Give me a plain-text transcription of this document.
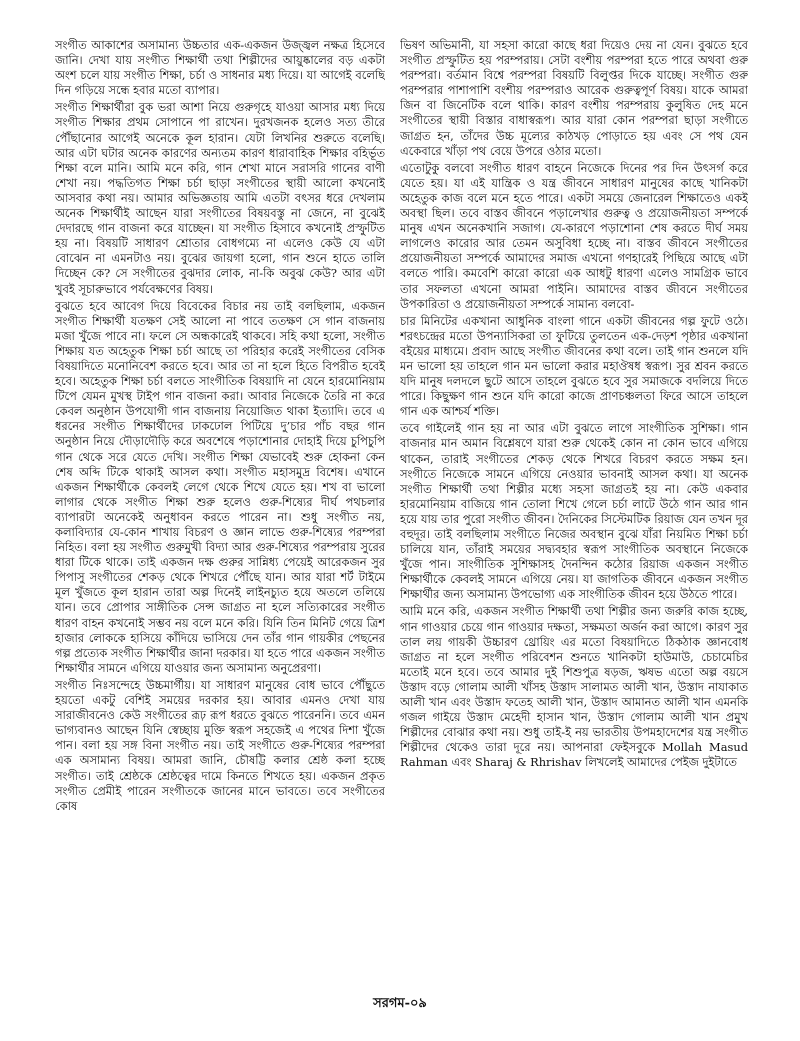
সংগীত আকাশের অসামান্য উচ্চতার এক-একজন উজ্জ্বল নক্ষত্র হিসেবে জানি। দেখা যায় সংগীত শিক্ষার্থী তথা শিল্পীদের আয়ুষ্কালের বড় একটা অংশ চলে যায় সংগীত শিক্ষা, চর্চা ও সাধনার মধ্য দিয়ে। যা আগেই বলেছি দিন গড়িয়ে সন্ধে হবার মতো ব্যাপার।

সংগীত শিক্ষার্থীরা বুক ভরা আশা নিয়ে গুরুগৃহে যাওয়া আসার মধ্য দিয়ে সংগীত শিক্ষার প্রথম সোপানে পা রাখেন। দুরখজনক হলেও সত্য তীরে পৌঁছানোর আগেই অনেকে কূল হারান। যেটা লিখনির শুরুতে বলেছি। আর এটা ঘটার অনেক কারণের অন্যতম কারণ ধারাবাহিক শিক্ষার বহির্ভূত শিক্ষা বলে মানি। আমি মনে করি, গান শেখা মানে সরাসরি গানের বাণী শেখা নয়। পদ্ধতিগত শিক্ষা চর্চা ছাড়া সংগীতের স্থায়ী আলো কখনোই আসবার কথা নয়। আমার অভিজ্ঞতায় আমি এতটা বৎসর ধরে দেখলাম অনেক শিক্ষার্থীই আছেন যারা সংগীতের বিষয়বস্তু না জেনে, না বুঝেই দেদারছে গান বাজনা করে যাচ্ছেন। যা সংগীত হিসাবে কখনোই প্রস্ফুটিত হয় না। বিষয়টি সাধারণ শ্রোতার বোধগম্যে না এলেও কেউ যে এটা বোঝেন না এমনটাও নয়। বুঝের জায়গা হলো, গান শুনে হাতে তালি দিচ্ছেন কে? সে সংগীতের বুঝদার লোক, না-কি অবুঝ কেউ? আর এটা খুবই সূচারুভাবে পর্যবেক্ষণের বিষয়।

বুঝতে হবে আবেগ দিয়ে বিবেকের বিচার নয় তাই বলছিলাম, একজন সংগীত শিক্ষার্থী যতক্ষণ সেই আলো না পাবে ততক্ষণ সে গান বাজনায় মজা খুঁজে পাবে না। ফলে সে অন্ধকারেই থাকবে। সহি কথা হলো, সংগীত শিক্ষায় যত অহেতুক শিক্ষা চর্চা আছে তা পরিহার করেই সংগীতের বেসিক বিষয়াদিতে মনোনিবেশ করতে হবে। আর তা না হলে হিতে বিপরীত হবেই হবে। অহেতুক শিক্ষা চর্চা বলতে সাংগীতিক বিষয়াদি না যেনে হারমোনিয়াম টিপে যেমন মুখস্থ টাইপ গান বাজনা করা। আবার নিজেকে তৈরি না করে কেবল অনুষ্ঠান উপযোগী গান বাজনায় নিয়োজিত থাকা ইত্যাদি। তবে এ ধরনের সংগীত শিক্ষার্থীদের ঢাকঢোল পিটিয়ে দু’চার পাঁচ বছর গান অনুষ্ঠান নিয়ে দৌড়াদৌড়ি করে অবশেষে পড়াশোনার দোহাই দিয়ে চুপিচুপি গান থেকে সরে যেতে দেখি। সংগীত শিক্ষা যেভাবেই শুরু হোকনা কেন শেষ অব্দি টিকে থাকাই আসল কথা। সংগীত মহাসমুদ্র বিশেষ। এখানে একজন শিক্ষার্থীকে কেবলই লেগে থেকে শিখে যেতে হয়। শখ বা ভালো লাগার থেকে সংগীত শিক্ষা শুরু হলেও গুরু-শিষ্যের দীর্ঘ পথচলার ব্যাপারটা অনেকেই অনুধাবন করতে পারেন না। শুধু সংগীত নয়, কলাবিদ্যার যে-কোন শাখায় বিচরণ ও জ্ঞান লাভে গুরু-শিষ্যের পরম্পরা নিহিত। বলা হয় সংগীত গুরুমুখী বিদ্যা আর গুরু-শিষ্যের পরম্পরায় সুরের ধারা টিকে থাকে। তাই একজন দক্ষ গুরুর সান্নিধ্য পেয়েই আরেকজন সুর পিপাসু সংগীতের শেকড় থেকে শিখরে পৌঁছে যান। আর যারা শর্ট টাইমে মূল খুঁজতে কূল হারান তারা অল্প দিনেই লাইনচ্যুত হয়ে অতলে তলিয়ে যান। তবে প্রোপার সাঙ্গীতিক সেন্স জাগ্রত না হলে সত্যিকারের সংগীত ধারণ বাহন কখনোই সম্ভব নয় বলে মনে করি। যিনি তিন মিনিট গেয়ে ত্রিশ হাজার লোককে হাসিয়ে কাঁদিয়ে ভাসিয়ে দেন তাঁর গান গায়কীর পেছনের গল্প প্রত্যেক সংগীত শিক্ষার্থীর জানা দরকার। যা হতে পারে একজন সংগীত শিক্ষার্থীর সামনে এগিয়ে যাওয়ার জন্য অসামান্য অনুপ্রেরণা।

সংগীত নিঃসন্দেহে উচ্চমার্গীয়। যা সাধারণ মানুষের বোধ ভাবে পৌঁছুতে হয়তো একটু বেশিই সময়ের দরকার হয়। আবার এমনও দেখা যায় সারাজীবনেও কেউ সংগীতের রূঢ় রূপ ধরতে বুঝতে পারেননি। তবে এমন ভাগ্যবানও আছেন যিনি স্বেচ্ছায় মুক্তি স্বরূপ সহজেই এ পথের দিশা খুঁজে পান। বলা হয় সঙ্গ বিনা সংগীত নয়। তাই সংগীতে গুরু-শিষ্যের পরম্পরা এক অসামান্য বিষয়। আমরা জানি, চৌষট্টি কলার শ্রেষ্ঠ কলা হচ্ছে সংগীত। তাই শ্রেষ্ঠকে শ্রেষ্ঠত্বের দামে কিনতে শিখতে হয়। একজন প্রকৃত সংগীত প্রেমীই পারেন সংগীতকে জানের মানে ভাবতে। তবে সংগীতের কোষ

ভিষণ অভিমানী, যা সহসা কারো কাছে ধরা দিয়েও দেয় না যেন। বুঝতে হবে সংগীত প্রস্ফুটিত হয় পরম্পরায়। সেটা বংশীয় পরম্পরা হতে পারে অথবা গুরু পরম্পরা। বর্তমান বিশ্বে পরম্পরা বিষয়টি বিলুপ্তর দিকে যাচ্ছে। সংগীত গুরু পরম্পরার পাশাপাশি বংশীয় পরম্পরাও আরেক গুরুত্বপূর্ণ বিষয়। যাকে আমরা জিন বা জিনেটিক বলে থাকি। কারণ বংশীয় পরম্পরায় কুলুষিত দেহ মনে সংগীতের স্থায়ী বিস্তার বাধাস্বরূপ। আর যারা কোন পরম্পরা ছাড়া সংগীতে জাগ্রত হন, তাঁদের উচ্চ মূল্যের কাঠখড় পোড়াতে হয় এবং সে পথ যেন একেবারে খাঁড়া পথ বেয়ে উপরে ওঠার মতো।

এতোটুকু বলবো সংগীত ধারণ বাহনে নিজেকে দিনের পর দিন উৎসর্গ করে যেতে হয়। যা এই যান্ত্রিক ও যন্ত্র জীবনে সাধারণ মানুষের কাছে খানিকটা অহেতুক কাজ বলে মনে হতে পারে। একটা সময়ে জেনারেল শিক্ষাতেও একই অবস্থা ছিল। তবে বাস্তব জীবনে পড়ালেখার গুরুত্ব ও প্রয়োজনীয়তা সম্পর্কে মানুষ এখন অনেকখানি সজাগ। যে-কারণে পড়াশোনা শেষ করতে দীর্ঘ সময় লাগলেও কারোর আর তেমন অসুবিধা হচ্ছে না। বাস্তব জীবনে সংগীতের প্রয়োজনীয়তা সম্পর্কে আমাদের সমাজ এখনো গণহারেই পিছিয়ে আছে এটা বলতে পারি। কমবেশি কারো কারো এক আধটু ধারণা এলেও সামগ্রিক ভাবে তার সফলতা এখনো আমরা পাইনি। আমাদের বাস্তব জীবনে সংগীতের উপকারিতা ও প্রয়োজনীয়তা সম্পর্কে সামান্য বলবো-

চার মিনিটের একখানা আধুনিক বাংলা গানে একটা জীবনের গল্প ফুটে ওঠে। শরৎচন্দ্রের মতো উপন্যাসিকরা তা ফুটিয়ে তুলতেন এক-দেড়শ পৃষ্ঠার একখানা বইয়ের মাধ্যমে। প্রবাদ আছে সংগীত জীবনের কথা বলে। তাই গান শুনলে যদি মন ভালো হয় তাহলে গান মন ভালো করার মহাঔষধ স্বরূপ। সুর শ্রবন করতে যদি মানুষ দলদলে ছুটে আসে তাহলে বুঝতে হবে সুর সমাজকে বদলিয়ে দিতে পারে। কিছুক্ষণ গান শুনে যদি কারো কাজে প্রাণচঞ্চলতা ফিরে আসে তাহলে গান এক আশ্চর্য শক্তি।

তবে গাইলেই গান হয় না আর এটা বুঝতে লাগে সাংগীতিক সুশিক্ষা। গান বাজনার মান অমান বিশ্লেষণে যারা শুরু থেকেই কোন না কোন ভাবে এগিয়ে থাকেন, তারাই সংগীতের শেকড় থেকে শিখরে বিচরণ করতে সক্ষম হন। সংগীতে নিজেকে সামনে এগিয়ে নেওয়ার ভাবনাই আসল কথা। যা অনেক সংগীত শিক্ষার্থী তথা শিল্পীর মধ্যে সহসা জাগ্রতই হয় না। কেউ একবার হারমোনিয়াম বাজিয়ে গান তোলা শিখে গেলে চর্চা লাটে উঠে গান আর গান হয়ে যায় তার পুরো সংগীত জীবন। দৈনিকের সিস্টেমটিক রিয়াজ যেন তখন দূর বহুদূর। তাই বলছিলাম সংগীতে নিজের অবস্থান বুঝে যাঁরা নিয়মিত শিক্ষা চর্চা চালিয়ে যান, তাঁরাই সময়ের সদ্ব্যবহার স্বরূপ সাংগীতিক অবস্থানে নিজেকে খুঁজে পান। সাংগীতিক সুশিক্ষাসহ দৈনন্দিন কঠোর রিয়াজ একজন সংগীত শিক্ষার্থীকে কেবলই সামনে এগিয়ে নেয়। যা জাগতিক জীবনে একজন সংগীত শিক্ষার্থীর জন্য অসামান্য উপভোগ্য এক সাংগীতিক জীবন হয়ে উঠতে পারে।

আমি মনে করি, একজন সংগীত শিক্ষার্থী তথা শিল্পীর জন্য জরুরি কাজ হচ্ছে, গান গাওয়ার চেয়ে গান গাওয়ার দক্ষতা, সক্ষমতা অর্জন করা আগে। কারণ সুর তাল লয় গায়কী উচ্চারণ থ্রোয়িং এর মতো বিষয়াদিতে ঠিকঠাক জ্ঞানবোধ জাগ্রত না হলে সংগীত পরিবেশন শুনতে খানিকটা হাউমাউ, চেচামেচির মতোই মনে হবে। তবে আমার দুই শিশুপুত্র ষড়জ, ঋষভ এতো অল্প বয়সে উস্তাদ বড়ে গোলাম আলী খাঁসহ উস্তাদ সালামত আলী খান, উস্তাদ নাযাকাত আলী খান এবং উস্তাদ ফতেহ আলী খান, উস্তাদ আমানত আলী খান এমনকি গজল গাইয়ে উস্তাদ মেহেদী হাসান খান, উস্তাদ গোলাম আলী খান প্রমুখ শিল্পীদের বোঝার কথা নয়। শুধু তাই-ই নয় ভারতীয় উপমহাদেশের যন্ত্র সংগীত শিল্পীদের থেকেও তারা দূরে নয়। আপনারা ফেইসবুকে Mollah Masud Rahman এবং Sharaj & Rhrishav লিখলেই আমাদের পেইজ দুইটাতে

সরগম-০৯
